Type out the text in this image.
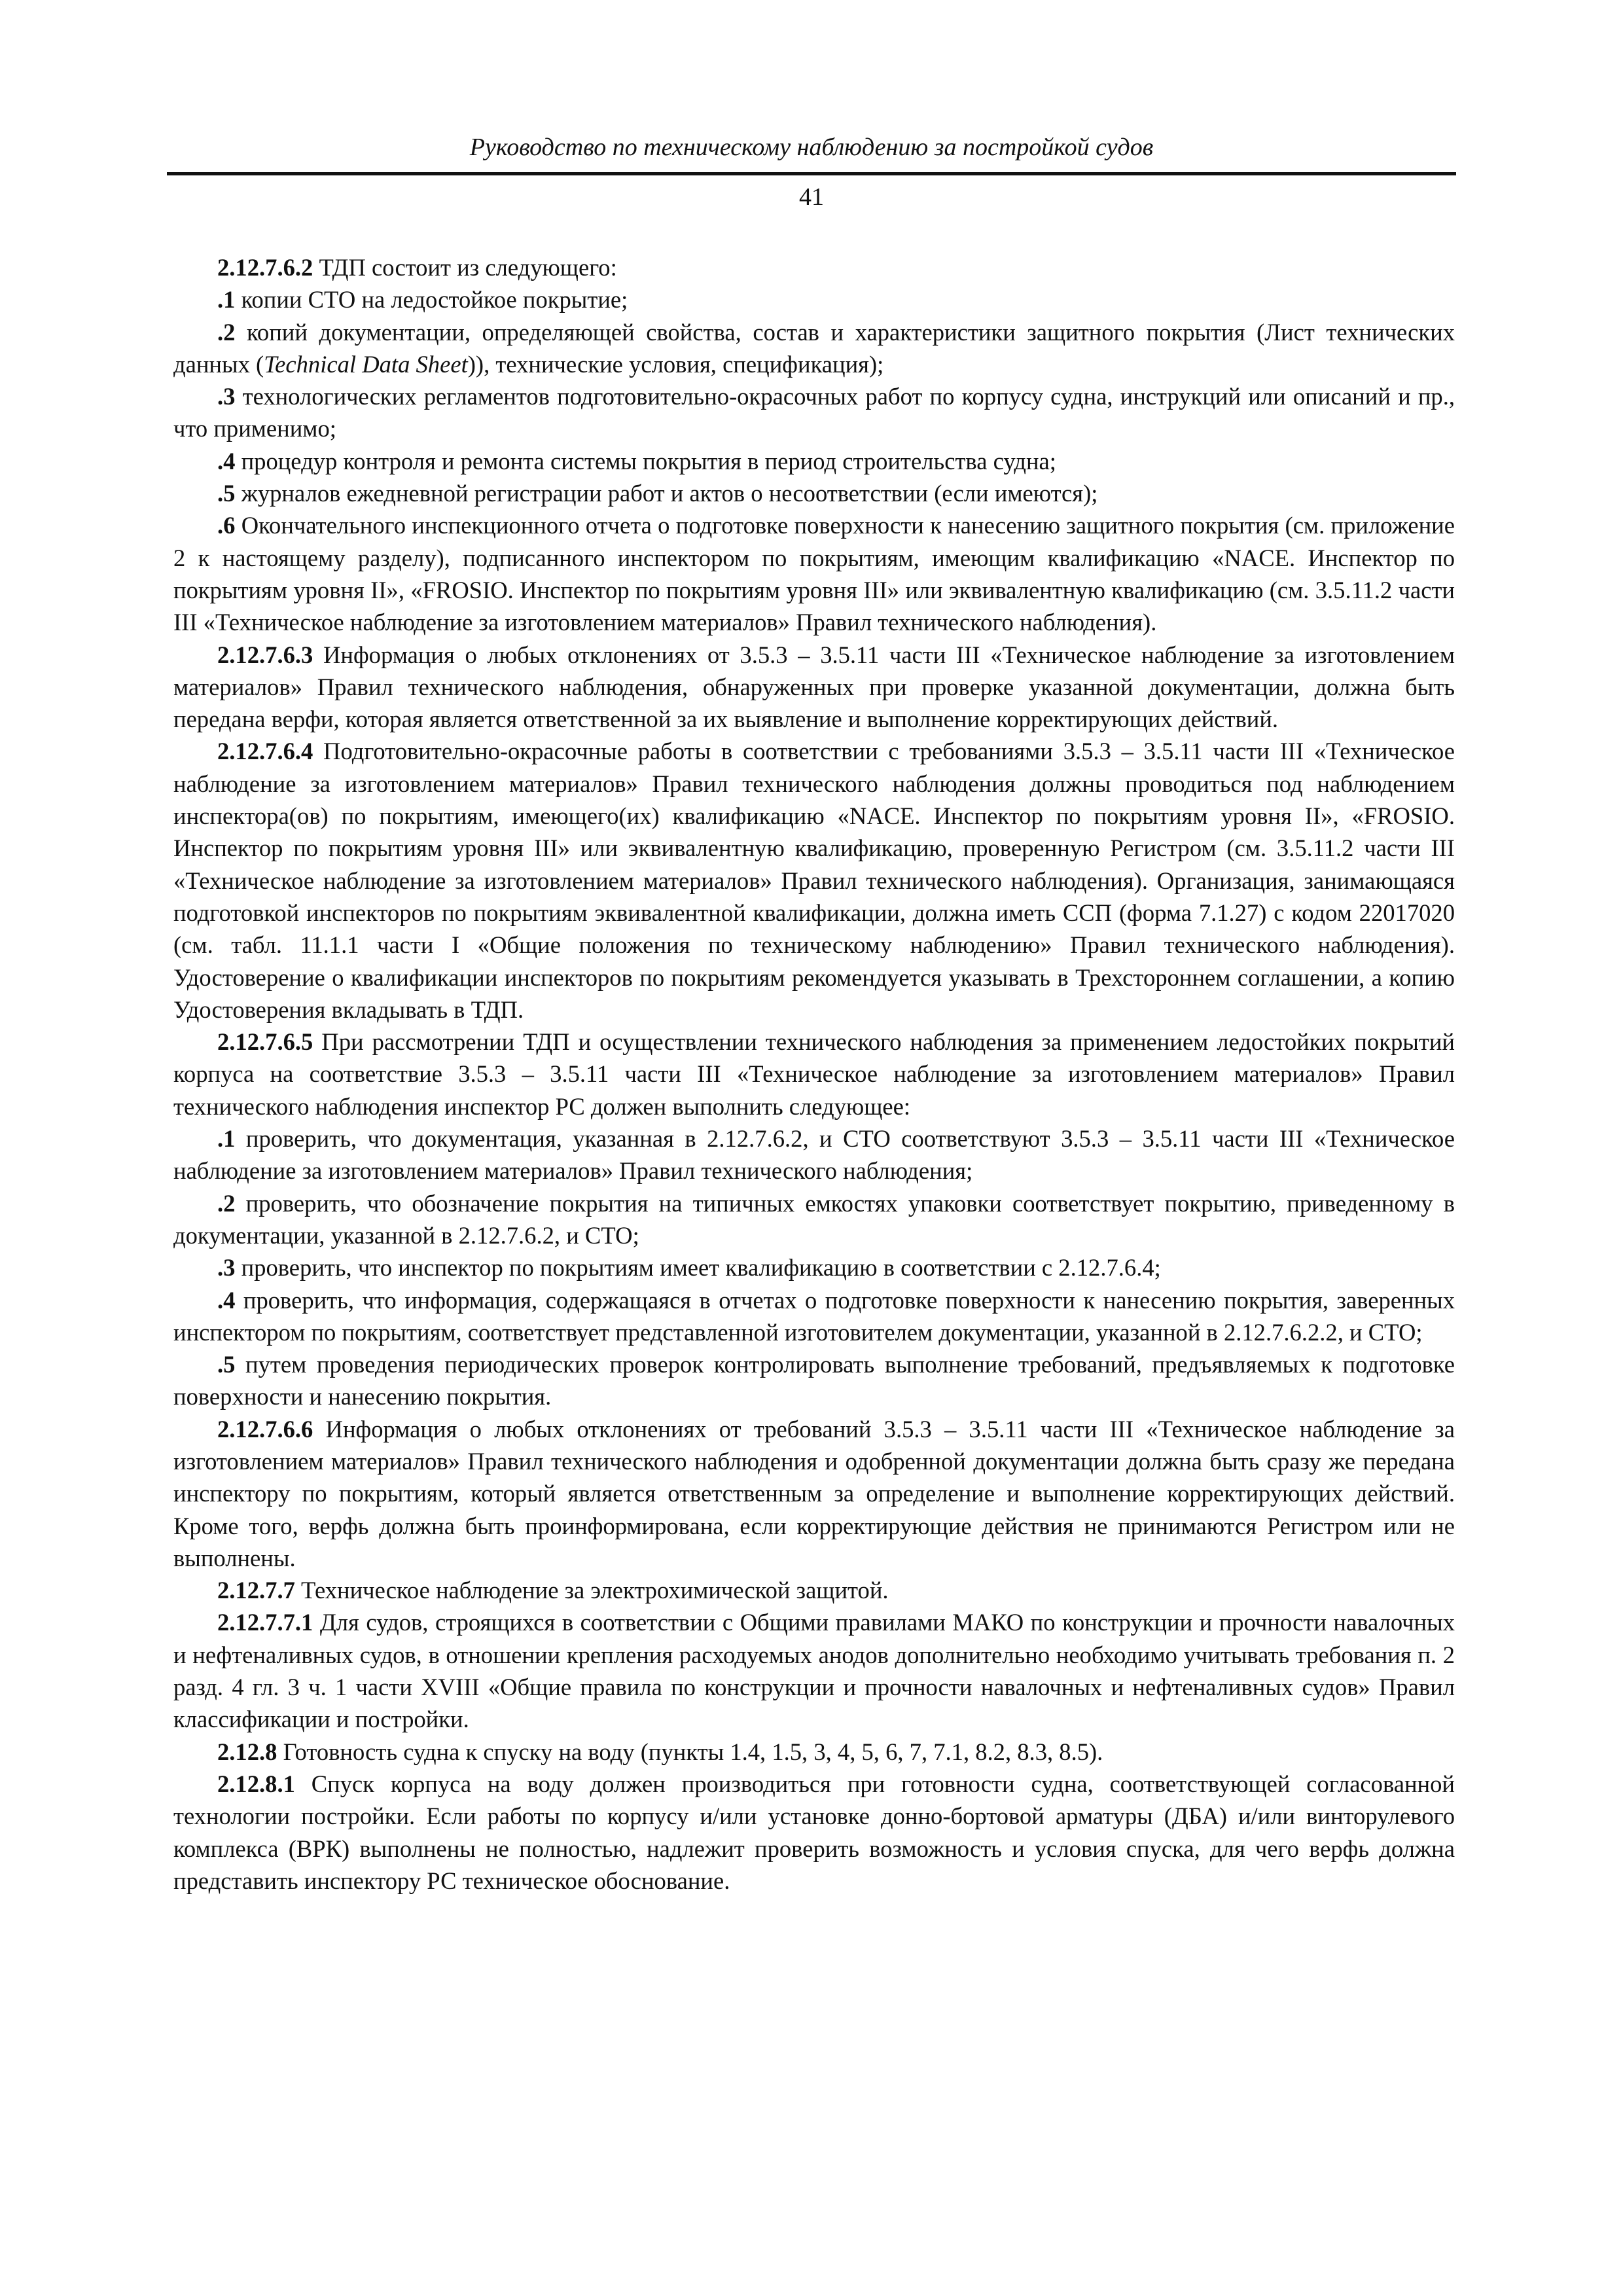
Руководство по техническому наблюдению за постройкой судов
41

2.12.7.6.2 ТДП состоит из следующего:

.1 копии СТО на ледостойкое покрытие;

.2 копий документации, определяющей свойства, состав и характеристики защитного покрытия (Лист технических данных (Technical Data Sheet)), технические условия, спецификация);

.3 технологических регламентов подготовительно-окрасочных работ по корпусу судна, инструкций или описаний и пр., что применимо;

.4 процедур контроля и ремонта системы покрытия в период строительства судна;

.5 журналов ежедневной регистрации работ и актов о несоответствии (если имеются);

.6 Окончательного инспекционного отчета о подготовке поверхности к нанесению защитного покрытия (см. приложение 2 к настоящему разделу), подписанного инспектором по покрытиям, имеющим квалификацию «NACE. Инспектор по покрытиям уровня II», «FROSIO. Инспектор по покрытиям уровня III» или эквивалентную квалификацию (см. 3.5.11.2 части III «Техническое наблюдение за изготовлением материалов» Правил технического наблюдения).

2.12.7.6.3 Информация о любых отклонениях от 3.5.3 – 3.5.11 части III «Техническое наблюдение за изготовлением материалов» Правил технического наблюдения, обнаруженных при проверке указанной документации, должна быть передана верфи, которая является ответственной за их выявление и выполнение корректирующих действий.

2.12.7.6.4 Подготовительно-окрасочные работы в соответствии с требованиями 3.5.3 – 3.5.11 части III «Техническое наблюдение за изготовлением материалов» Правил технического наблюдения должны проводиться под наблюдением инспектора(ов) по покрытиям, имеющего(их) квалификацию «NACE. Инспектор по покрытиям уровня II», «FROSIO. Инспектор по покрытиям уровня III» или эквивалентную квалификацию, проверенную Регистром (см. 3.5.11.2 части III «Техническое наблюдение за изготовлением материалов» Правил технического наблюдения). Организация, занимающаяся подготовкой инспекторов по покрытиям эквивалентной квалификации, должна иметь ССП (форма 7.1.27) с кодом 22017020 (см. табл. 11.1.1 части I «Общие положения по техническому наблюдению» Правил технического наблюдения). Удостоверение о квалификации инспекторов по покрытиям рекомендуется указывать в Трехстороннем соглашении, а копию Удостоверения вкладывать в ТДП.

2.12.7.6.5 При рассмотрении ТДП и осуществлении технического наблюдения за применением ледостойких покрытий корпуса на соответствие 3.5.3 – 3.5.11 части III «Техническое наблюдение за изготовлением материалов» Правил технического наблюдения инспектор РС должен выполнить следующее:

.1 проверить, что документация, указанная в 2.12.7.6.2, и СТО соответствуют 3.5.3 – 3.5.11 части III «Техническое наблюдение за изготовлением материалов» Правил технического наблюдения;

.2 проверить, что обозначение покрытия на типичных емкостях упаковки соответствует покрытию, приведенному в документации, указанной в 2.12.7.6.2, и СТО;

.3 проверить, что инспектор по покрытиям имеет квалификацию в соответствии с 2.12.7.6.4;

.4 проверить, что информация, содержащаяся в отчетах о подготовке поверхности к нанесению покрытия, заверенных инспектором по покрытиям, соответствует представленной изготовителем документации, указанной в 2.12.7.6.2.2, и СТО;

.5 путем проведения периодических проверок контролировать выполнение требований, предъявляемых к подготовке поверхности и нанесению покрытия.

2.12.7.6.6 Информация о любых отклонениях от требований 3.5.3 – 3.5.11 части III «Техническое наблюдение за изготовлением материалов» Правил технического наблюдения и одобренной документации должна быть сразу же передана инспектору по покрытиям, который является ответственным за определение и выполнение корректирующих действий. Кроме того, верфь должна быть проинформирована, если корректирующие действия не принимаются Регистром или не выполнены.

2.12.7.7 Техническое наблюдение за электрохимической защитой.

2.12.7.7.1 Для судов, строящихся в соответствии с Общими правилами МАКО по конструкции и прочности навалочных и нефтеналивных судов, в отношении крепления расходуемых анодов дополнительно необходимо учитывать требования п. 2 разд. 4 гл. 3 ч. 1 части XVIII «Общие правила по конструкции и прочности навалочных и нефтеналивных судов» Правил классификации и постройки.

2.12.8 Готовность судна к спуску на воду (пункты 1.4, 1.5, 3, 4, 5, 6, 7, 7.1, 8.2, 8.3, 8.5).

2.12.8.1 Спуск корпуса на воду должен производиться при готовности судна, соответствующей согласованной технологии постройки. Если работы по корпусу и/или установке донно-бортовой арматуры (ДБА) и/или винторулевого комплекса (ВРК) выполнены не полностью, надлежит проверить возможность и условия спуска, для чего верфь должна представить инспектору РС техническое обоснование.
